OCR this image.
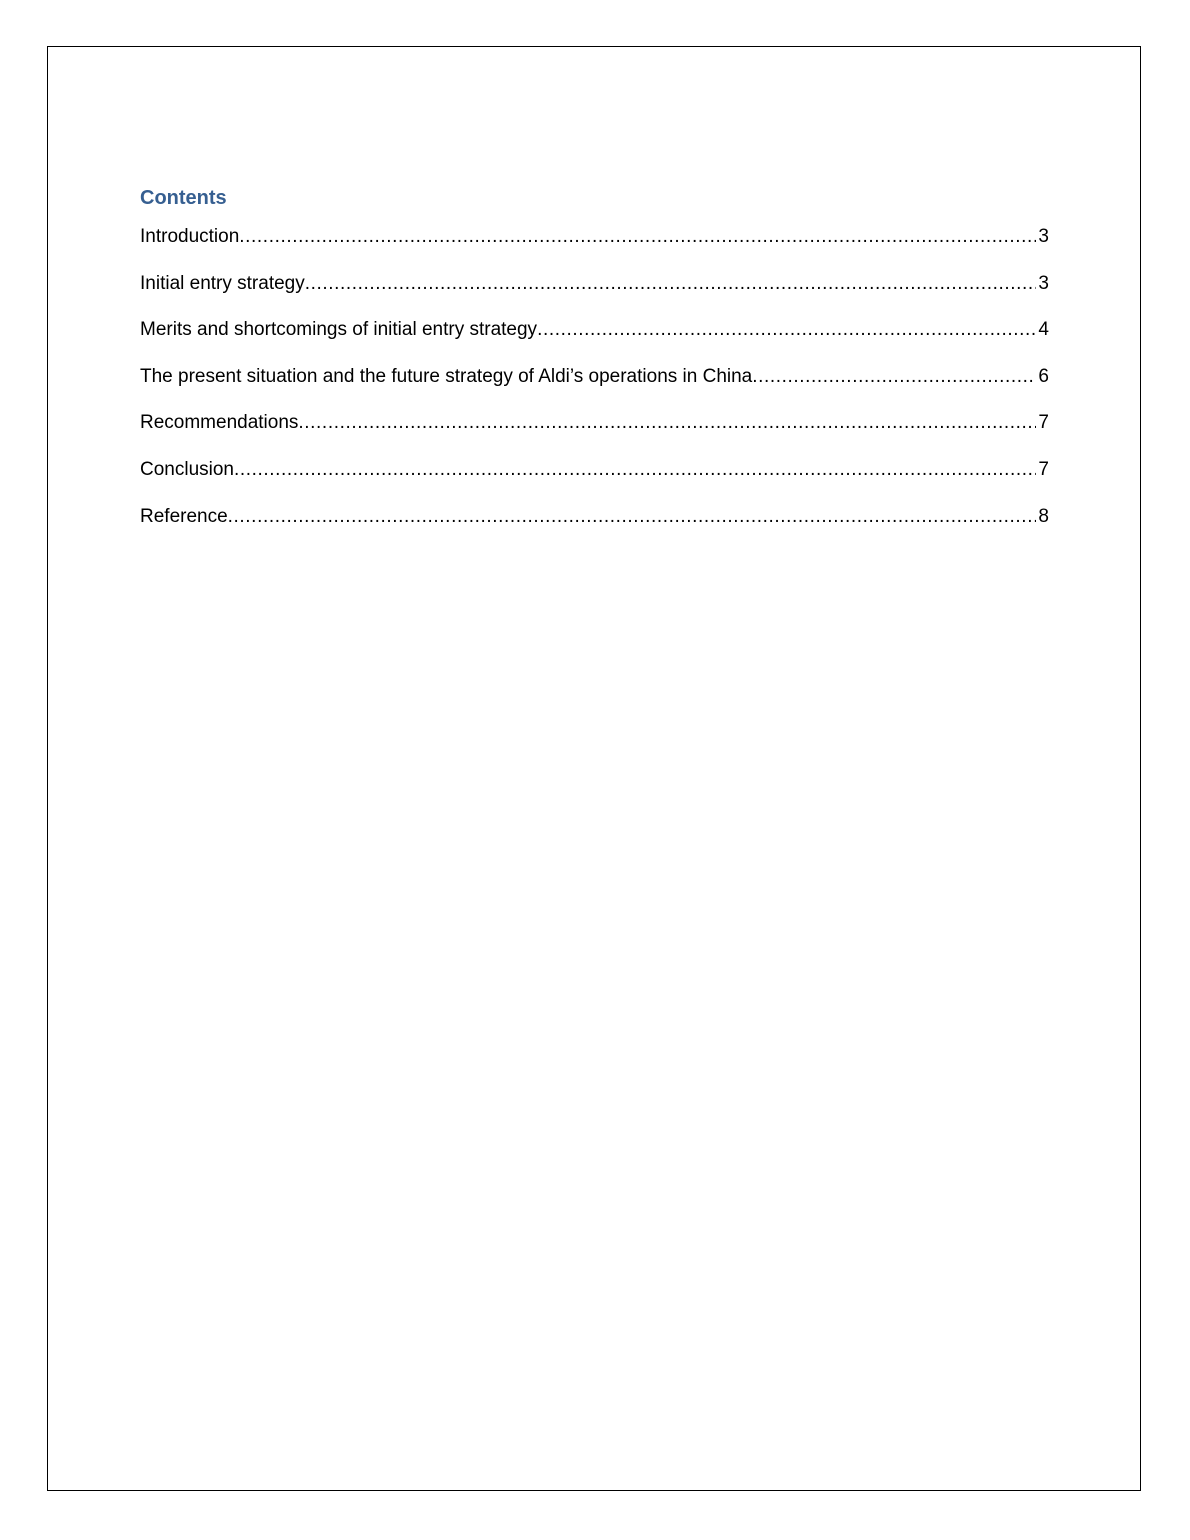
Contents
Introduction .....	3
Initial entry strategy .....	3
Merits and shortcomings of initial entry strategy .....	4
The present situation and the future strategy of Aldi’s operations in China .....	6
Recommendations .....	7
Conclusion .....	7
Reference .....	8
